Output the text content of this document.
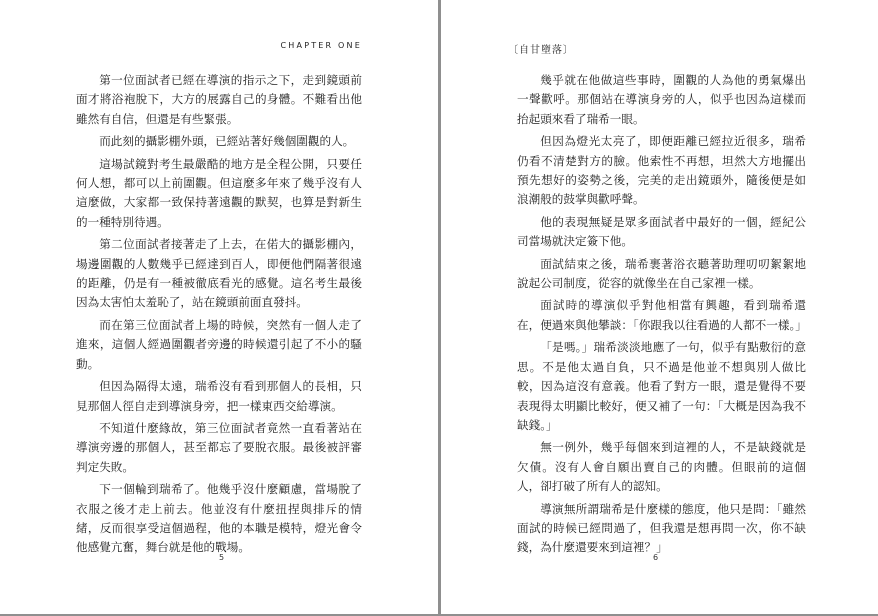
CHAPTER ONE

第一位面試者已經在導演的指示之下，走到鏡頭前面才將浴袍脫下，大方的展露自己的身體。不難看出他雖然有自信，但還是有些緊張。

而此刻的攝影棚外頭，已經站著好幾個圍觀的人。

這場試鏡對考生最嚴酷的地方是全程公開，只要任何人想，都可以上前圍觀。但這麼多年來了幾乎沒有人這麼做，大家都一致保持著遠觀的默契，也算是對新生的一種特別待遇。

第二位面試者接著走了上去，在偌大的攝影棚內，場邊圍觀的人數幾乎已經達到百人，即便他們隔著很遠的距離，仍是有一種被徹底看光的感覺。這名考生最後因為太害怕太羞恥了，站在鏡頭前面直發抖。

而在第三位面試者上場的時候，突然有一個人走了進來，這個人經過圍觀者旁邊的時候還引起了不小的騷動。

但因為隔得太遠，瑞希沒有看到那個人的長相，只見那個人徑自走到導演身旁，把一樣東西交給導演。

不知道什麼緣故，第三位面試者竟然一直看著站在導演旁邊的那個人，甚至都忘了要脫衣服。最後被評審判定失敗。

下一個輪到瑞希了。他幾乎沒什麼顧慮，當場脫了衣服之後才走上前去。他並沒有什麼扭捏與排斥的情緒，反而很享受這個過程，他的本職是模特，燈光會令他感覺亢奮，舞台就是他的戰場。

5
〔自甘墮落〕

幾乎就在他做這些事時，圍觀的人為他的勇氣爆出一聲歡呼。那個站在導演身旁的人，似乎也因為這樣而抬起頭來看了瑞希一眼。

但因為燈光太亮了，即便距離已經拉近很多，瑞希仍看不清楚對方的臉。他索性不再想，坦然大方地擺出預先想好的姿勢之後，完美的走出鏡頭外，隨後便是如浪潮般的鼓掌與歡呼聲。

他的表現無疑是眾多面試者中最好的一個，經紀公司當場就決定簽下他。

面試結束之後，瑞希裹著浴衣聽著助理叨叨絮絮地說起公司制度，從容的就像坐在自己家裡一樣。

面試時的導演似乎對他相當有興趣，看到瑞希還在，便過來與他攀談：「你跟我以往看過的人都不一樣。」

「是嗎。」瑞希淡淡地應了一句，似乎有點敷衍的意思。不是他太過自負，只不過是他並不想與別人做比較，因為這沒有意義。他看了對方一眼，還是覺得不要表現得太明顯比較好，便又補了一句：「大概是因為我不缺錢。」

無一例外，幾乎每個來到這裡的人，不是缺錢就是欠債。沒有人會自願出賣自己的肉體。但眼前的這個人，卻打破了所有人的認知。

導演無所謂瑞希是什麼樣的態度，他只是問：「雖然面試的時候已經問過了，但我還是想再問一次，你不缺錢，為什麼還要來到這裡？」

6
